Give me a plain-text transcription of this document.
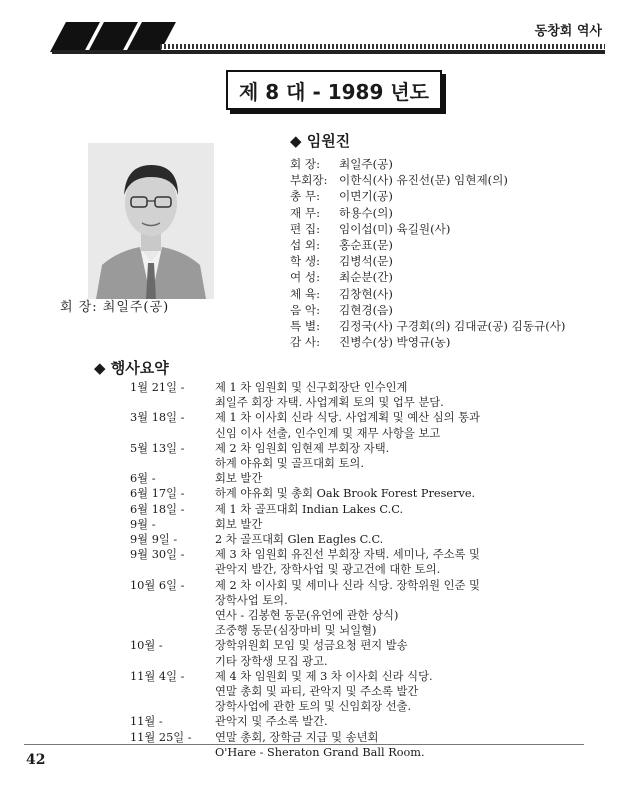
동창회 역사
제 8 대 - 1989 년도
회 장: 최일주(공)
◆ 임원진
회 장:	최일주(공)
부회장: 이한식(사) 유진선(문) 임현제(의)
총 무:	이면기(공)
재 무:	하용수(의)
편 집:	임이섭(미) 육길원(사)
섭 외:	홍순표(문)
학 생:	김병석(문)
여 성:	최순분(간)
체 육:	김창현(사)
음 악:	김현경(음)
특 별:	김정국(사) 구경회(의) 김대균(공) 김동규(사)
감 사:	진병수(상) 박영규(농)
◆ 행사요약
1월 21일 -	제 1 차 임원회 및 신구회장단 인수인계
최일주 회장 자택. 사업계획 토의 및 업무 분담.
3월 18일 -	제 1 차 이사회 신라 식당. 사업계획 및 예산 심의 통과
신임 이사 선출, 인수인계 및 재무 사항을 보고
5월 13일 -	제 2 차 임원회 임현제 부회장 자택.
하계 야유회 및 골프대회 토의.
6월 -	회보 발간
6월 17일 -	하계 야유회 및 총회 Oak Brook Forest Preserve.
6월 18일 -	제 1 차 골프대회 Indian Lakes C.C.
9월 -	회보 발간
9월 9일 -	2 차 골프대회 Glen Eagles C.C.
9월 30일 -	제 3 차 임원회 유진선 부회장 자택. 세미나, 주소록 및
관악지 발간, 장학사업 및 광고건에 대한 토의.
10월 6일 -	제 2 차 이사회 및 세미나 신라 식당. 장학위원 인준 및
장학사업 토의.
연사 - 김봉현 동문(유언에 관한 상식)
조중행 동문(심장마비 및 뇌일혈)
10월 -	장학위원회 모임 및 성금요청 편지 발송
기타 장학생 모집 광고.
11월 4일 -	제 4 차 임원회 및 제 3 차 이사회 신라 식당.
연말 총회 및 파티, 관악지 및 주소록 발간
장학사업에 관한 토의 및 신임회장 선출.
11월 -	관악지 및 주소록 발간.
11월 25일 -	연말 총회, 장학금 지급 및 송년회
O'Hare - Sheraton Grand Ball Room.
42
